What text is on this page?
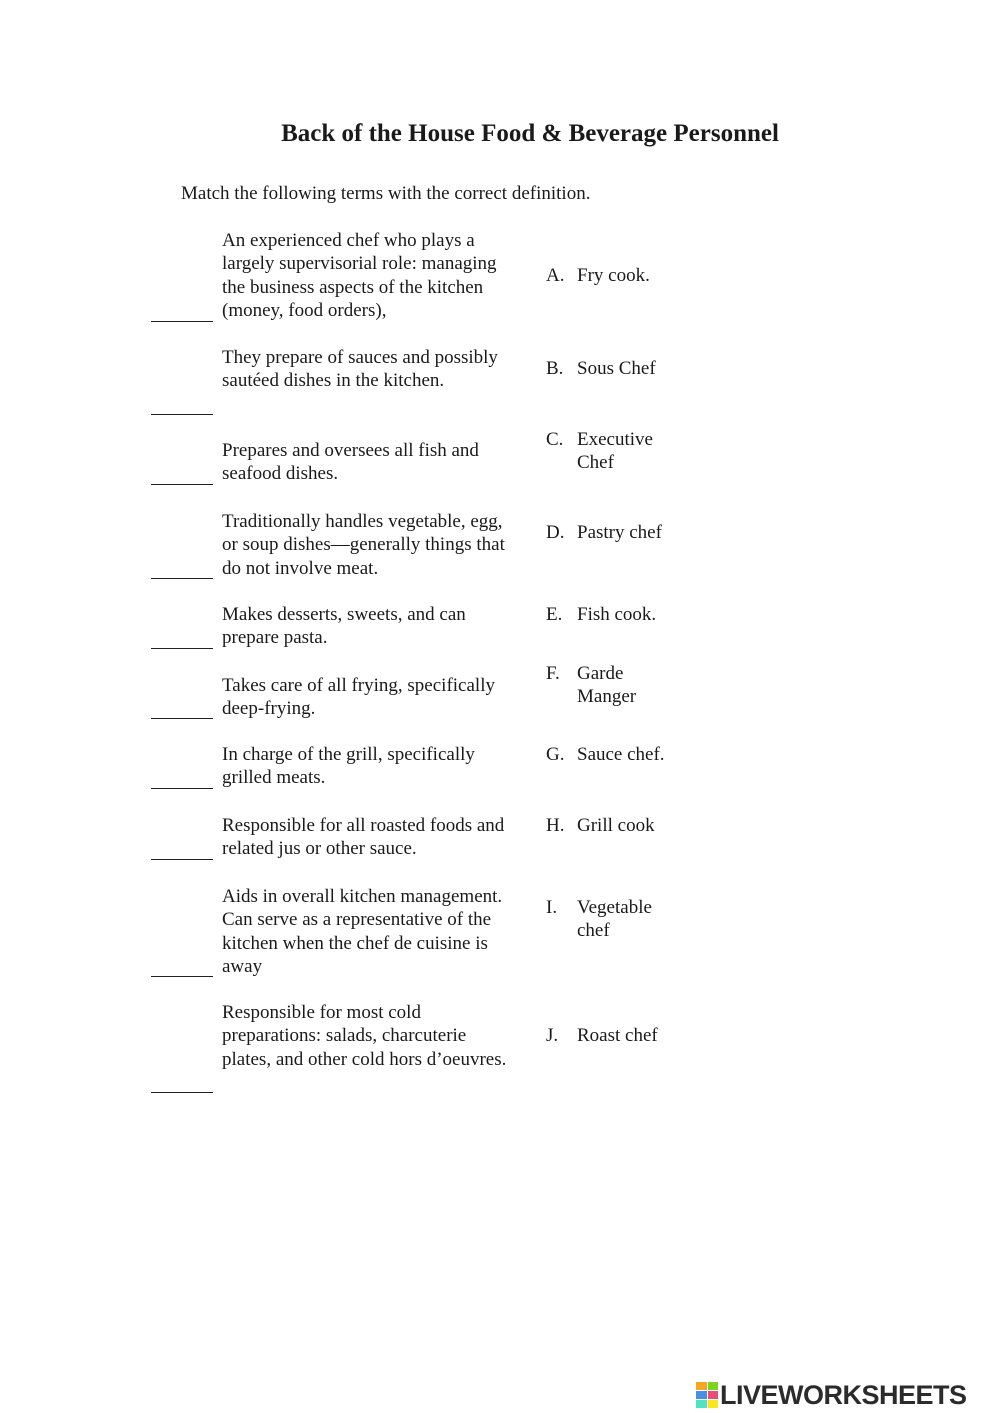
Back of the House Food & Beverage Personnel
Match the following terms with the correct definition.
An experienced chef who plays a largely supervisorial role: managing the business aspects of the kitchen (money, food orders),
A. Fry cook.
They prepare of sauces and possibly sautéed dishes in the kitchen.
B. Sous Chef
Prepares and oversees all fish and seafood dishes.
C. Executive Chef
Traditionally handles vegetable, egg, or soup dishes—generally things that do not involve meat.
D. Pastry chef
Makes desserts, sweets, and can prepare pasta.
E. Fish cook.
Takes care of all frying, specifically deep-frying.
F. Garde Manger
In charge of the grill, specifically grilled meats.
G. Sauce chef.
Responsible for all roasted foods and related jus or other sauce.
H. Grill cook
Aids in overall kitchen management. Can serve as a representative of the kitchen when the chef de cuisine is away
I.	Vegetable chef
Responsible for most cold preparations: salads, charcuterie plates, and other cold hors d’oeuvres.
J. Roast chef
LIVEWORKSHEETS
